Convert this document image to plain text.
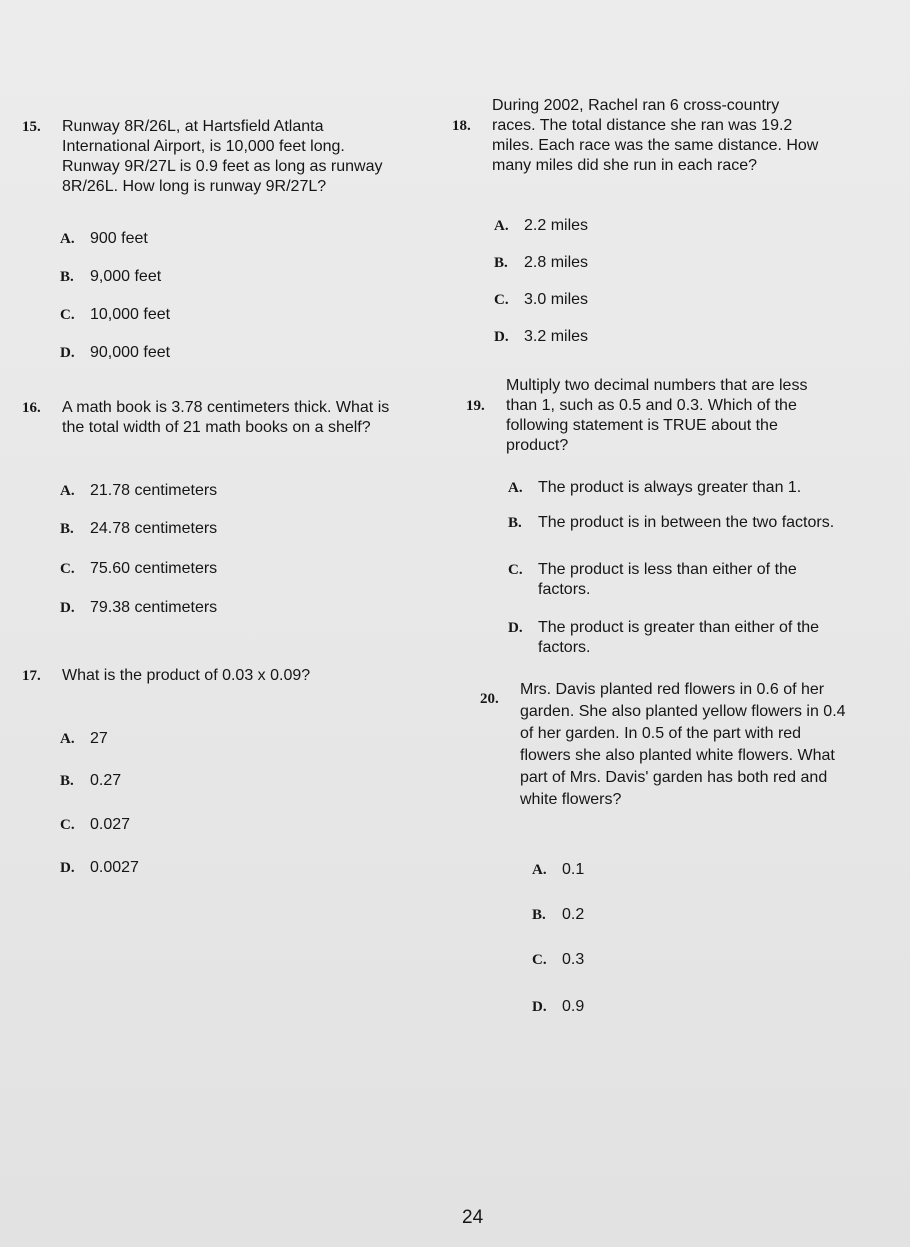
15. Runway 8R/26L, at Hartsfield Atlanta
International Airport, is 10,000 feet long.
Runway 9R/27L is 0.9 feet as long as runway
8R/26L. How long is runway 9R/27L?
A. 900 feet
B. 9,000 feet
C. 10,000 feet
D. 90,000 feet
16. A math book is 3.78 centimeters thick. What is
the total width of 21 math books on a shelf?
A. 21.78 centimeters
B. 24.78 centimeters
C. 75.60 centimeters
D. 79.38 centimeters
17. What is the product of 0.03 x 0.09?
A. 27
B. 0.27
C. 0.027
D. 0.0027
18.
During 2002, Rachel ran 6 cross-country
races. The total distance she ran was 19.2
miles. Each race was the same distance. How
many miles did she run in each race?
A. 2.2 miles
B. 2.8 miles
C. 3.0 miles
D. 3.2 miles
19.
Multiply two decimal numbers that are less
than 1, such as 0.5 and 0.3. Which of the
following statement is TRUE about the
product?
A. The product is always greater than 1.
B. The product is in between the two factors.
C. The product is less than either of the
factors.
D. The product is greater than either of the
factors.
20.
Mrs. Davis planted red flowers in 0.6 of her
garden. She also planted yellow flowers in 0.4
of her garden. In 0.5 of the part with red
flowers she also planted white flowers. What
part of Mrs. Davis' garden has both red and
white flowers?
A. 0.1
B. 0.2
C. 0.3
D. 0.9
24
